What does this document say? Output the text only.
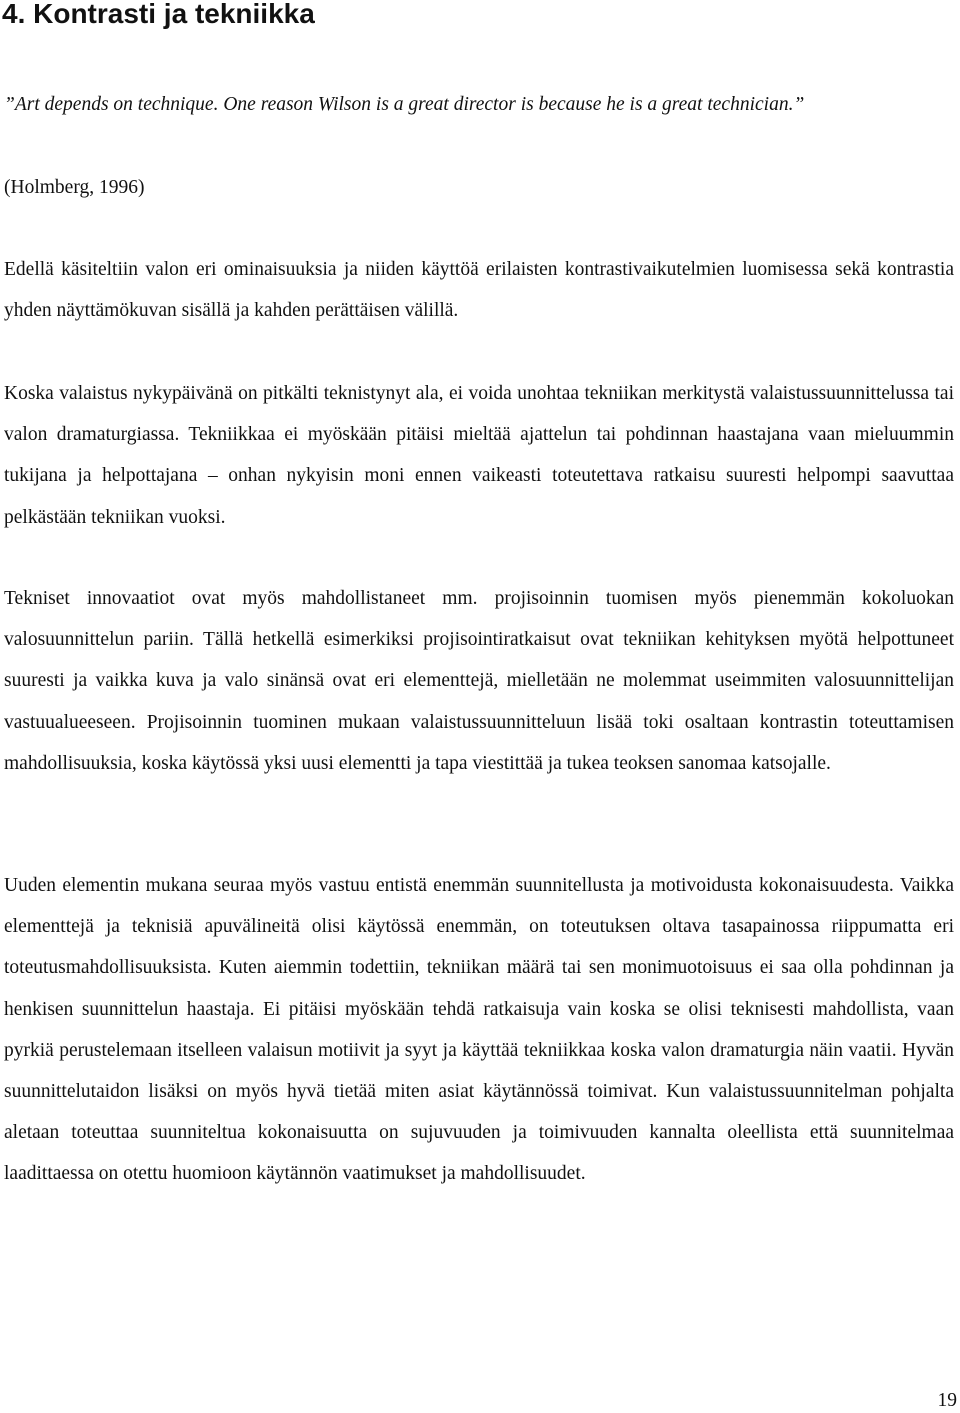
4. Kontrasti ja tekniikka

”Art depends on technique. One reason Wilson is a great director is because he is a great technician.”

(Holmberg, 1996)

Edellä käsiteltiin valon eri ominaisuuksia ja niiden käyttöä erilaisten kontrastivaikutelmien luomisessa sekä kontrastia yhden näyttämökuvan sisällä ja kahden perättäisen välillä.

Koska valaistus nykypäivänä on pitkälti teknistynyt ala, ei voida unohtaa tekniikan merkitystä valaistussuunnittelussa tai valon dramaturgiassa. Tekniikkaa ei myöskään pitäisi mieltää ajattelun tai pohdinnan haastajana vaan mieluummin tukijana ja helpottajana – onhan nykyisin moni ennen vaikeasti toteutettava ratkaisu suuresti helpompi saavuttaa pelkästään tekniikan vuoksi.

Tekniset innovaatiot ovat myös mahdollistaneet mm. projisoinnin tuomisen myös pienemmän kokoluokan valosuunnittelun pariin. Tällä hetkellä esimerkiksi projisointiratkaisut ovat tekniikan kehityksen myötä helpottuneet suuresti ja vaikka kuva ja valo sinänsä ovat eri elementtejä, mielletään ne molemmat useimmiten valosuunnittelijan vastuualueeseen. Projisoinnin tuominen mukaan valaistussuunnitteluun lisää toki osaltaan kontrastin toteuttamisen mahdollisuuksia, koska käytössä yksi uusi elementti ja tapa viestittää ja tukea teoksen sanomaa katsojalle.

Uuden elementin mukana seuraa myös vastuu entistä enemmän suunnitellusta ja motivoidusta kokonaisuudesta. Vaikka elementtejä ja teknisiä apuvälineitä olisi käytössä enemmän, on toteutuksen oltava tasapainossa riippumatta eri toteutusmahdollisuuksista. Kuten aiemmin todettiin, tekniikan määrä tai sen monimuotoisuus ei saa olla pohdinnan ja henkisen suunnittelun haastaja. Ei pitäisi myöskään tehdä ratkaisuja vain koska se olisi teknisesti mahdollista, vaan pyrkiä perustelemaan itselleen valaisun motiivit ja syyt ja käyttää tekniikkaa koska valon dramaturgia näin vaatii. Hyvän suunnittelutaidon lisäksi on myös hyvä tietää miten asiat käytännössä toimivat. Kun valaistussuunnitelman pohjalta aletaan toteuttaa suunniteltua kokonaisuutta on sujuvuuden ja toimivuuden kannalta oleellista että suunnitelmaa laadittaessa on otettu huomioon käytännön vaatimukset ja mahdollisuudet.

19
